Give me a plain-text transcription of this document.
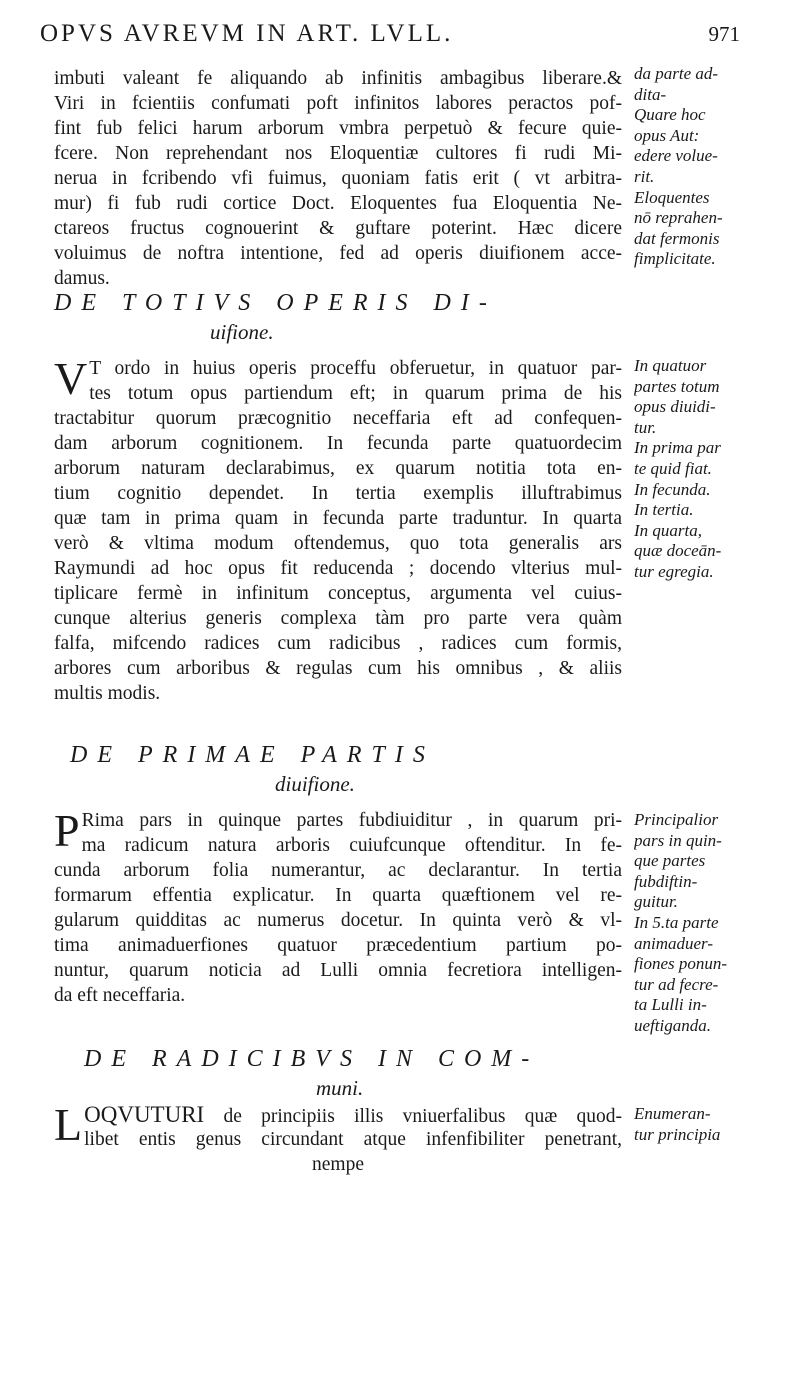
OPVS AVREVM IN ART. LVLL.	971
imbuti valeant fe aliquando ab infinitis ambagibus liberare.&
Viri in fcientiis confumati poft infinitos labores peractos pof-
fint fub felici harum arborum vmbra perpetuò & fecure quie-
fcere. Non reprehendant nos Eloquentiæ cultores fi rudi Mi-
nerua in fcribendo vfi fuimus, quoniam fatis erit ( vt arbitra-
mur) fi fub rudi cortice Doct. Eloquentes fua Eloquentia Ne-
ctareos fructus cognouerint & guftare poterint. Hæc dicere
voluimus de noftra intentione, fed ad operis diuifionem acce-
damus.
da parte ad-
dita-
Quare hoc
opus Aut:
edere volue-
rit.
Eloquentes
nō reprahen-
dat fermonis
fimplicitate.
DE TOTIVS OPERIS DI-
uifione.
V T ordo in huius operis proceffu obferuetur, in quatuor par-
tes totum opus partiendum eft; in quarum prima de his
tractabitur quorum præcognitio neceffaria eft ad confequen-
dam arborum cognitionem. In fecunda parte quatuordecim
arborum naturam declarabimus, ex quarum notitia tota en-
tium cognitio dependet. In tertia exemplis illuftrabimus
quæ tam in prima quam in fecunda parte traduntur. In quarta
verò & vltima modum oftendemus, quo tota generalis ars
Raymundi ad hoc opus fit reducenda ; docendo vlterius mul-
tiplicare fermè in infinitum conceptus, argumenta vel cuius-
cunque alterius generis complexa tàm pro parte vera quàm
falfa, mifcendo radices cum radicibus , radices cum formis,
arbores cum arboribus & regulas cum his omnibus , & aliis
multis modis.
In quatuor
partes totum
opus diuidi-
tur.
In prima par
te quid fiat.
In fecunda.
In tertia.
In quarta,
quæ doceān-
tur egregia.
DE PRIMAE PARTIS
diuifione.
P Rima pars in quinque partes fubdiuiditur , in quarum pri-
ma radicum natura arboris cuiufcunque oftenditur. In fe-
cunda arborum folia numerantur, ac declarantur. In tertia
formarum effentia explicatur. In quarta quæftionem vel re-
gularum quidditas ac numerus docetur. In quinta verò & vl-
tima animaduerfiones quatuor præcedentium partium po-
nuntur, quarum noticia ad Lulli omnia fecretiora intelligen-
da eft neceffaria.
Principalior
pars in quin-
que partes
fubdiftin-
guitur.
In 5.ta parte
animaduer-
fiones ponun-
tur ad fecre-
ta Lulli in-
ueftiganda.
DE RADICIBVS IN COM-
muni.
L OQVUTURI de principiis illis vniuerfalibus quæ quod-
libet entis genus circundant atque infenfibiliter penetrant,
nempe
Enumeran-
tur principia
